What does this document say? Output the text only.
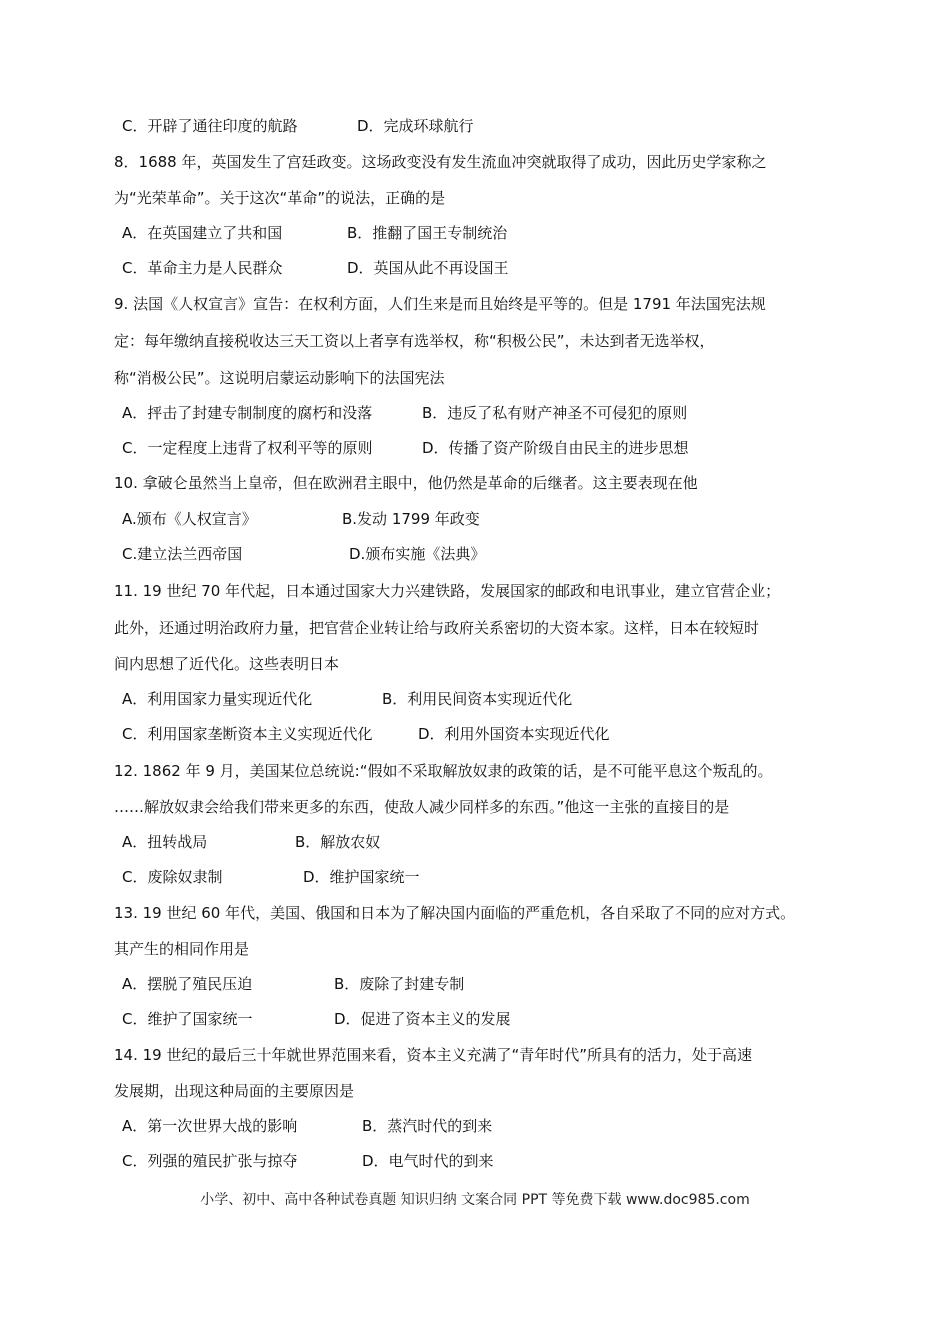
C．开辟了通往印度的航路	D．完成环球航行
8．1688 年，英国发生了宫廷政变。这场政变没有发生流血冲突就取得了成功，因此历史学家称之
为“光荣革命”。关于这次“革命”的说法，正确的是
A．在英国建立了共和国	B．推翻了国王专制统治
C．革命主力是人民群众	D．英国从此不再设国王
9. 法国《人权宣言》宣告：在权利方面，人们生来是而且始终是平等的。但是 1791 年法国宪法规
定：每年缴纳直接税收达三天工资以上者享有选举权，称“积极公民”，未达到者无选举权，
称“消极公民”。这说明启蒙运动影响下的法国宪法
A．抨击了封建专制制度的腐朽和没落	B．违反了私有财产神圣不可侵犯的原则
C．一定程度上违背了权利平等的原则	D．传播了资产阶级自由民主的进步思想
10. 拿破仑虽然当上皇帝，但在欧洲君主眼中，他仍然是革命的后继者。这主要表现在他
A.颁布《人权宣言》	B.发动 1799 年政变
C.建立法兰西帝国	D.颁布实施《法典》
11. 19 世纪 70 年代起，日本通过国家大力兴建铁路，发展国家的邮政和电讯事业，建立官营企业；
此外，还通过明治政府力量，把官营企业转让给与政府关系密切的大资本家。这样，日本在较短时
间内思想了近代化。这些表明日本
A．利用国家力量实现近代化	B．利用民间资本实现近代化
C．利用国家垄断资本主义实现近代化	D．利用外国资本实现近代化
12. 1862 年 9 月，美国某位总统说:“假如不采取解放奴隶的政策的话，是不可能平息这个叛乱的。
……解放奴隶会给我们带来更多的东西，使敌人减少同样多的东西。”他这一主张的直接目的是
A．扭转战局	B．解放农奴
C．废除奴隶制	D．维护国家统一
13. 19 世纪 60 年代，美国、俄国和日本为了解决国内面临的严重危机，各自采取了不同的应对方式。
其产生的相同作用是
A．摆脱了殖民压迫	B．废除了封建专制
C．维护了国家统一	D．促进了资本主义的发展
14. 19 世纪的最后三十年就世界范围来看，资本主义充满了“青年时代”所具有的活力，处于高速
发展期，出现这种局面的主要原因是
A．第一次世界大战的影响	B．蒸汽时代的到来
C．列强的殖民扩张与掠夺	D．电气时代的到来
小学、初中、高中各种试卷真题 知识归纳 文案合同 PPT 等免费下载 www.doc985.com
